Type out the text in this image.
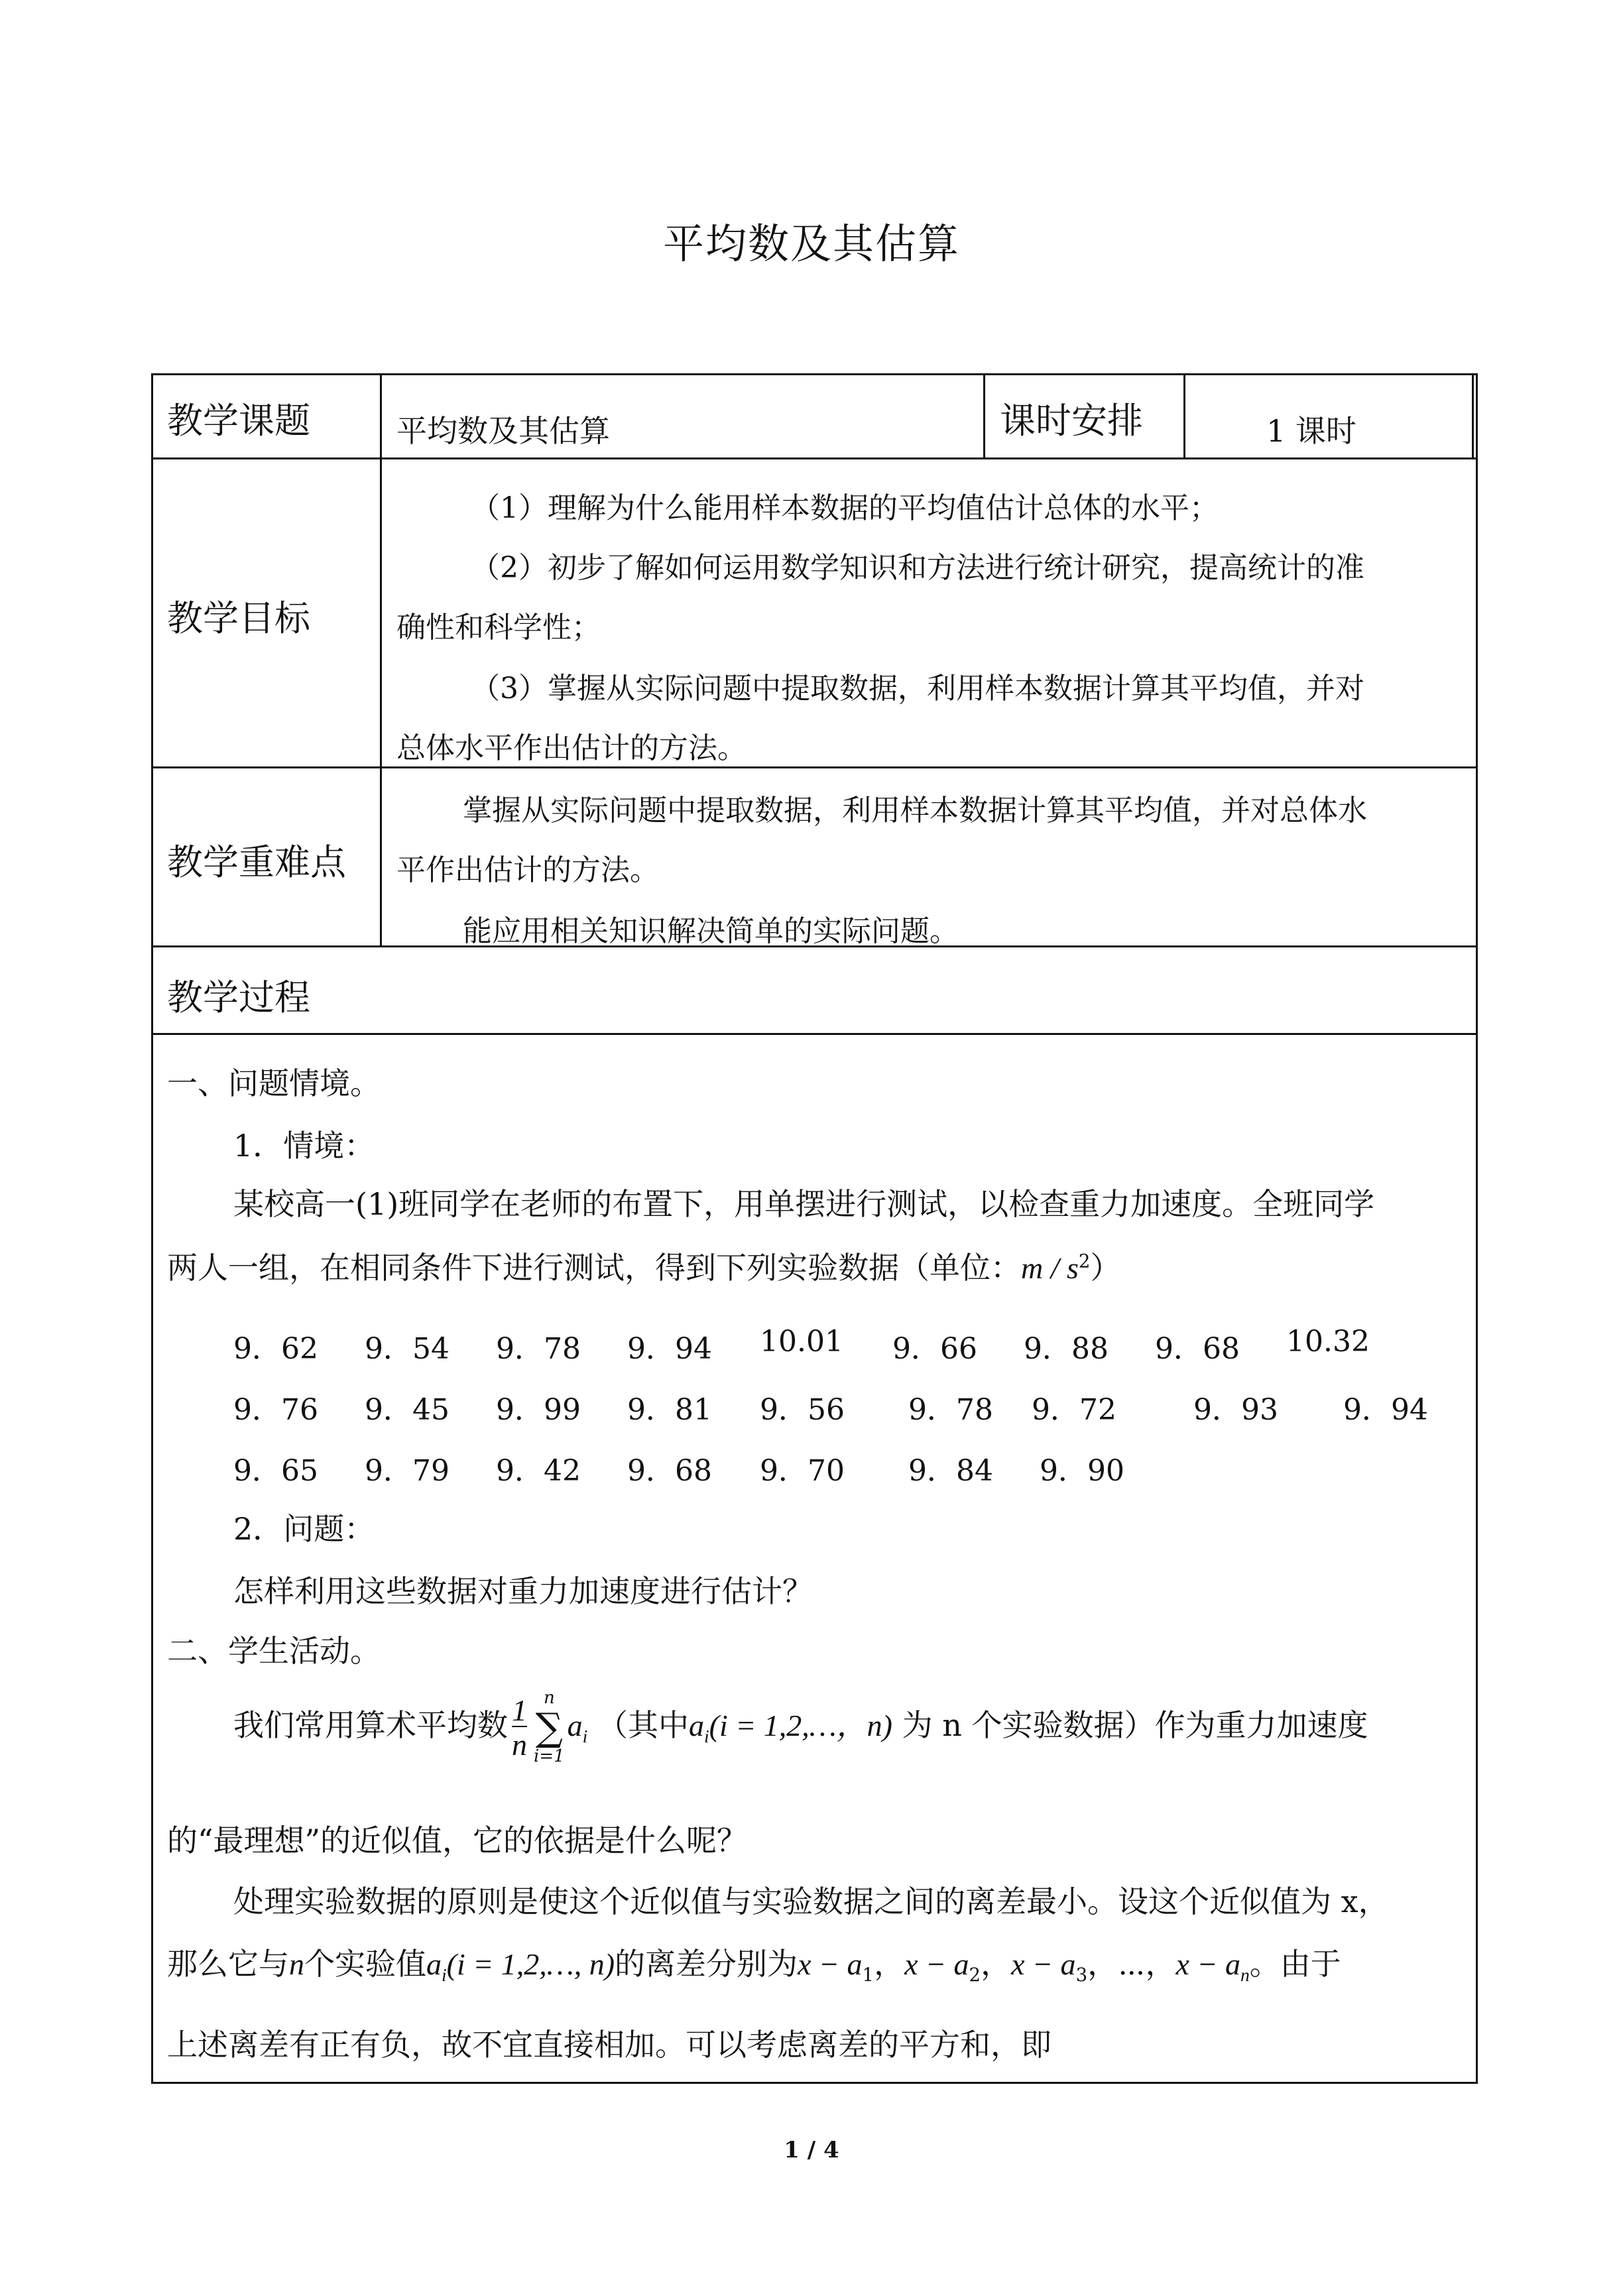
平均数及其估算
教学课题	平均数及其估算	课时安排	1 课时
教学目标
（1）理解为什么能用样本数据的平均值估计总体的水平；
（2）初步了解如何运用数学知识和方法进行统计研究，提高统计的准
确性和科学性；
（3）掌握从实际问题中提取数据，利用样本数据计算其平均值，并对
总体水平作出估计的方法。
教学重难点
掌握从实际问题中提取数据，利用样本数据计算其平均值，并对总体水
平作出估计的方法。
能应用相关知识解决简单的实际问题。
教学过程
一、问题情境。
1．情境：
某校高一(1)班同学在老师的布置下，用单摆进行测试，以检查重力加速度。全班同学
两人一组，在相同条件下进行测试，得到下列实验数据（单位：m / $s^2$）
9．62 9．54 9．78 9．94 10.01 9．66 9．88 9．68 10.32
9．76 9．45 9．99 9．81 9．56 9．78 9．72	9．93 9．94
9．65 9．79 9．42 9．68 9．70 9．84 9．90
2．问题：
怎样利用这些数据对重力加速度进行估计？
二、学生活动。
我们常用算术平均数 $\frac{1}{n}$ n
∑
i=1
$a_i$ （其中$a_i(i$ = 1,2,…，n) 为 n 个实验数据）作为重力加速度
的“最理想”的近似值，它的依据是什么呢？
处理实验数据的原则是使这个近似值与实验数据之间的离差最小。设这个近似值为 x，
那么它与n个实验值$a_i(i$ = 1,2,…, n)的离差分别为$x - a_1$，$x - a_2$，$x - a_3$，⋯，$x - a_n$。由于
上述离差有正有负，故不宜直接相加。可以考虑离差的平方和，即
1 / 4
